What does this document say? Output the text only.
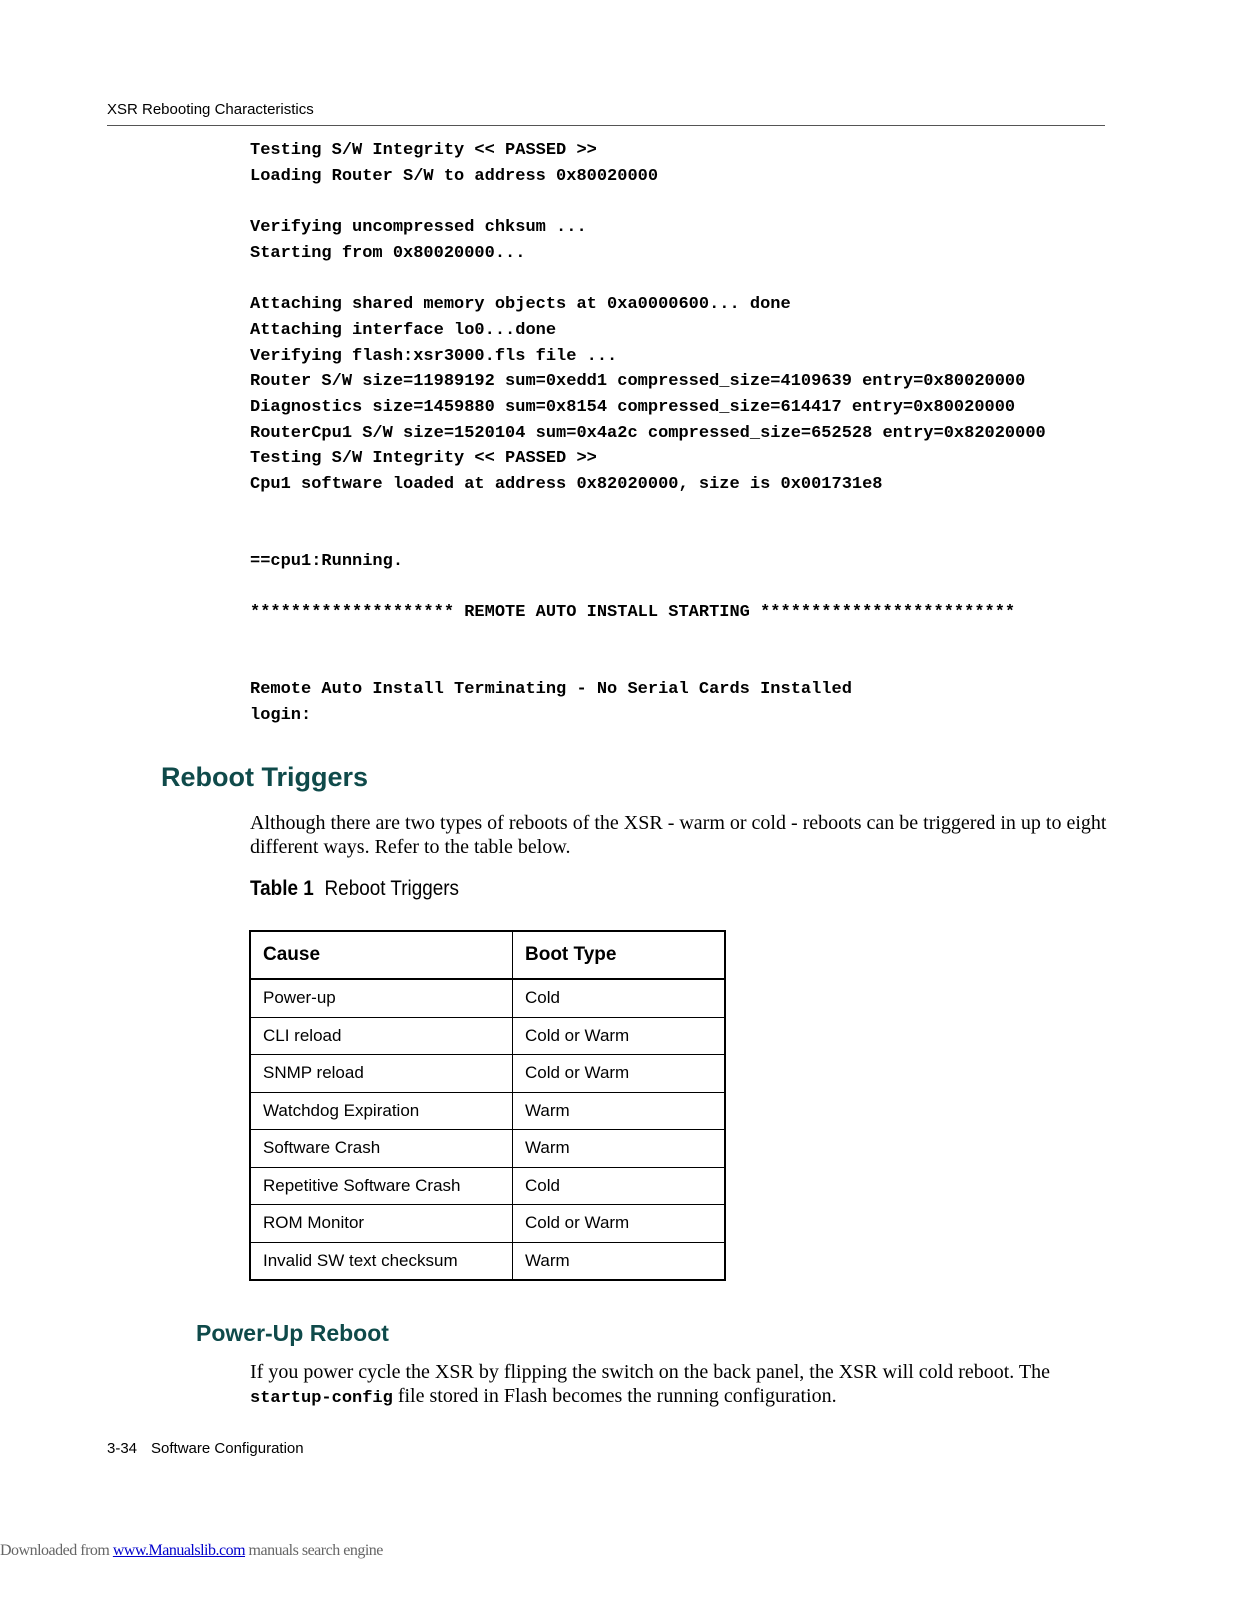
XSR Rebooting Characteristics
Testing S/W Integrity << PASSED >>
Loading Router S/W to address 0x80020000
Verifying uncompressed chksum ...
Starting from 0x80020000...
Attaching shared memory objects at 0xa0000600... done
Attaching interface lo0...done
Verifying flash:xsr3000.fls file ...
Router S/W size=11989192 sum=0xedd1 compressed_size=4109639 entry=0x80020000
Diagnostics size=1459880 sum=0x8154 compressed_size=614417 entry=0x80020000
RouterCpu1 S/W size=1520104 sum=0x4a2c compressed_size=652528 entry=0x82020000
Testing S/W Integrity << PASSED >>
Cpu1 software loaded at address 0x82020000, size is 0x001731e8
==cpu1:Running.
******************** REMOTE AUTO INSTALL STARTING *************************
Remote Auto Install Terminating - No Serial Cards Installed
login:
Reboot Triggers
Although there are two types of reboots of the XSR - warm or cold - reboots can be triggered in up to eight different ways. Refer to the table below.
Table 1 Reboot Triggers
Cause	Boot Type
Power-up	Cold
CLI reload	Cold or Warm
SNMP reload	Cold or Warm
Watchdog Expiration	Warm
Software Crash	Warm
Repetitive Software Crash	Cold
ROM Monitor	Cold or Warm
Invalid SW text checksum	Warm
Power-Up Reboot
If you power cycle the XSR by flipping the switch on the back panel, the XSR will cold reboot. The startup-config file stored in Flash becomes the running configuration.
3-34 Software Configuration
Downloaded from www.Manualslib.com manuals search engine
